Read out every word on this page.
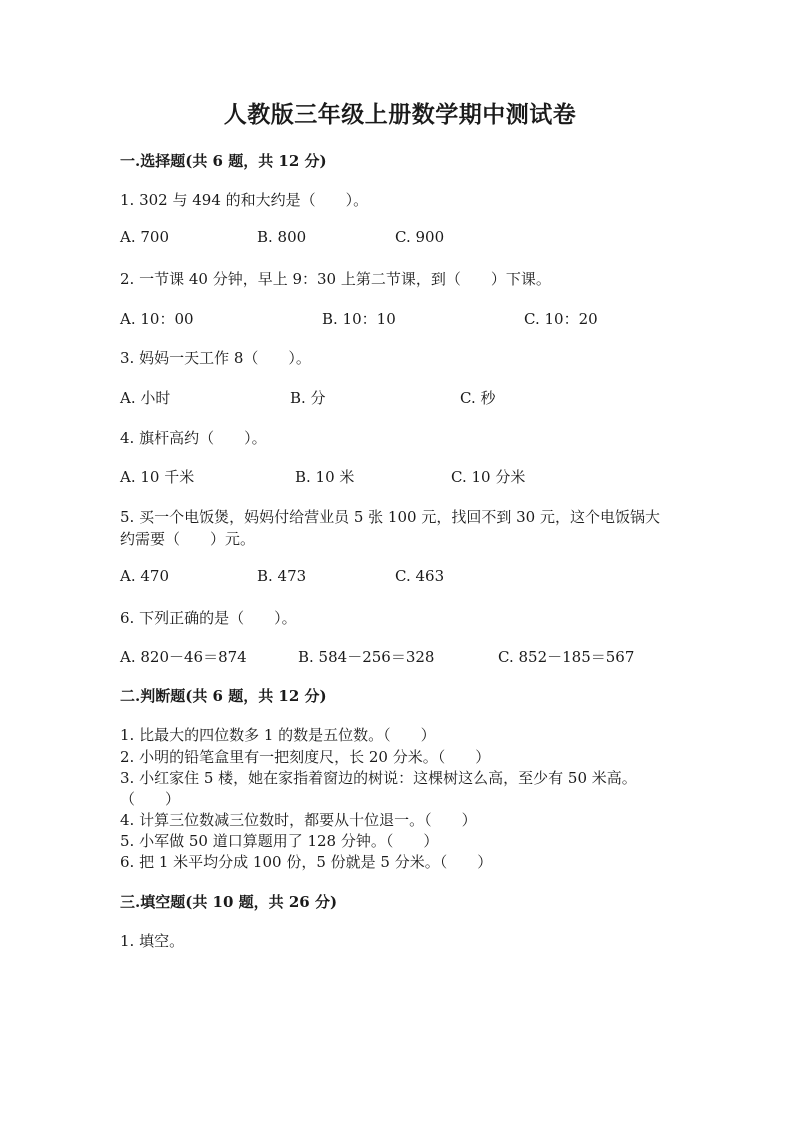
人教版三年级上册数学期中测试卷
一.选择题(共 6 题，共 12 分)
1. 302 与 494 的和大约是（　　）。
A. 700	B. 800	C. 900
2. 一节课 40 分钟，早上 9：30 上第二节课，到（　　）下课。
A. 10：00	B. 10：10	C. 10：20
3. 妈妈一天工作 8（　　）。
A. 小时	B. 分	C. 秒
4. 旗杆高约（　　）。
A. 10 千米	B. 10 米	C. 10 分米
5. 买一个电饭煲，妈妈付给营业员 5 张 100 元，找回不到 30 元，这个电饭锅大
约需要（　　）元。
A. 470	B. 473	C. 463
6. 下列正确的是（　　）。
A. 820－46＝874	B. 584－256＝328	C. 852－185＝567
二.判断题(共 6 题，共 12 分)
1. 比最大的四位数多 1 的数是五位数。（　　）
2. 小明的铅笔盒里有一把刻度尺，长 20 分米。（　　）
3. 小红家住 5 楼，她在家指着窗边的树说：这棵树这么高，至少有 50 米高。
（　　）
4. 计算三位数减三位数时，都要从十位退一。（　　）
5. 小军做 50 道口算题用了 128 分钟。（　　）
6. 把 1 米平均分成 100 份，5 份就是 5 分米。（　　）
三.填空题(共 10 题，共 26 分)
1. 填空。
